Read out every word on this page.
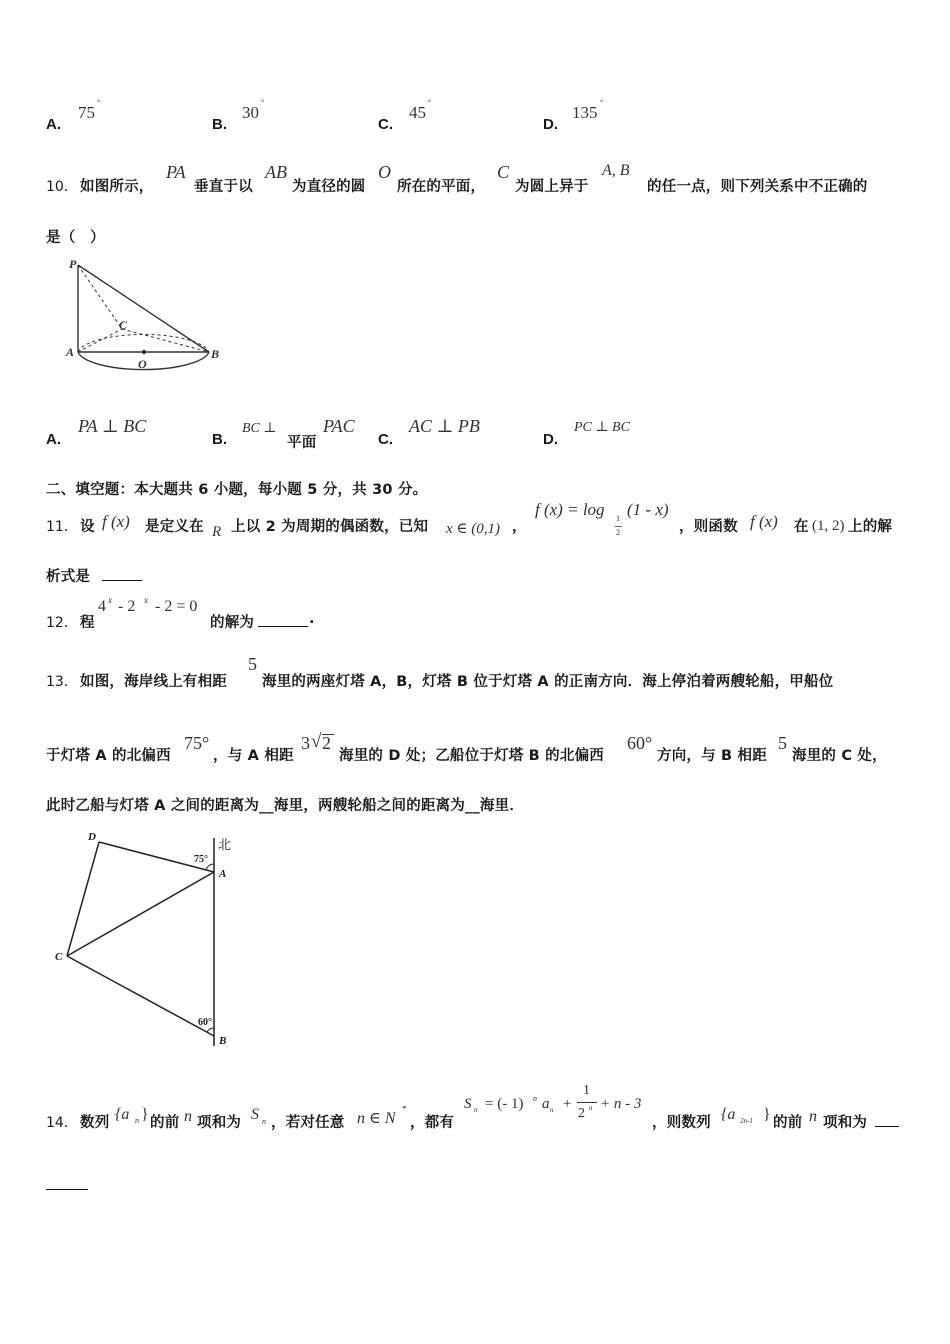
A.
75
°
B.
30
°
C.
45
°
D.
135
°
10． 如图所示，
PA
垂直于以
AB
为直径的圆
O
所在的平面，
C
为圆上异于
A, B
的任一点，则下列关系中不正确的
是（　）
P
C
A	B
O
A.
PA ⊥ BC
B.
BC ⊥
平面
PAC
C.
AC ⊥ PB
D.
PC ⊥ BC
二、填空题：本大题共 6 小题，每小题 5 分，共 30 分。
11． 设 f (x) 是定义在 R 上以 2 为周期的偶函数，已知 x ∈ (0,1) ，
f (x) = log 1
2
(1 - x)
，则函数 f (x) 在 (1, 2) 上的解
析式是
12． 程
4 x - 2 x - 2 = 0
的解为	.
13． 如图，海岸线上有相距
5
海里的两座灯塔 A，B，灯塔 B 位于灯塔 A 的正南方向．海上停泊着两艘轮船，甲船位
于灯塔 A 的北偏西
75°
，与 A 相距
3 √ 2
海里的 D 处；乙船位于灯塔 B 的北偏西
60°
方向，与 B 相距
5
海里的 C 处，
此时乙船与灯塔 A 之间的距离为__海里，两艘轮船之间的距离为__海里．
北
75°
60°
D
C
A
B
14． 数列 {a n } 的前 n 项和为 S n ，若对任意 n ∈ N
*
，都有
S n = (- 1) n a n +
1
2 n + n - 3
，则数列 {a 2n-1 } 的前 n 项和为
